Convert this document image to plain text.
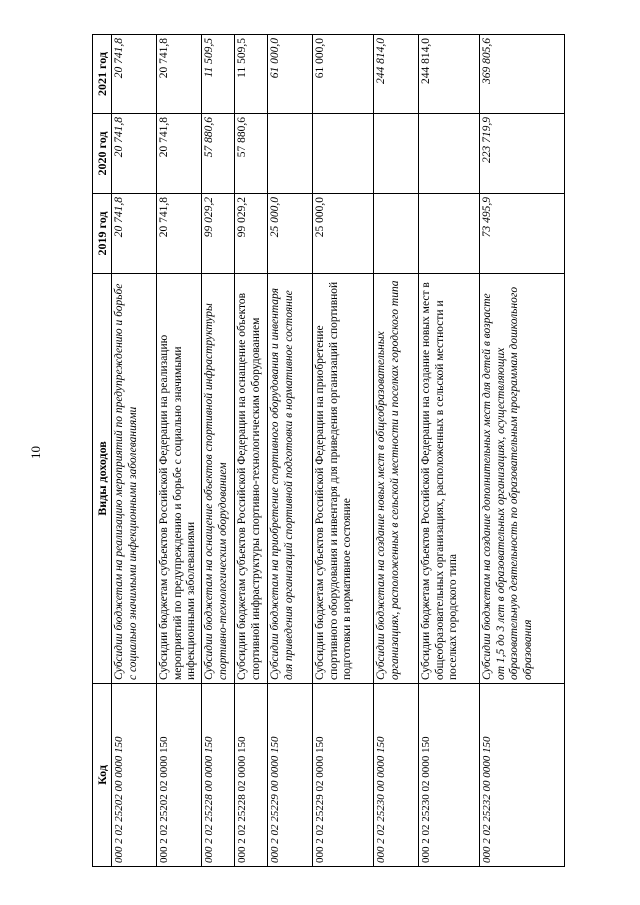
10
Код	Виды доходов	2019 год	2020 год	2021 год
000 2 02 25202 00 0000 150	Субсидии бюджетам на реализацию мероприятий по предупреждению и борьбе с социально значимыми инфекционными заболеваниями	20 741,8	20 741,8	20 741,8
000 2 02 25202 02 0000 150	Субсидии бюджетам субъектов Российской Федерации на реализацию мероприятий по предупреждению и борьбе с социально значимыми инфекционными заболеваниями	20 741,8	20 741,8	20 741,8
000 2 02 25228 00 0000 150	Субсидии бюджетам на оснащение объектов спортивной инфраструктуры спортивно-технологическим оборудованием	99 029,2	57 880,6	11 509,5
000 2 02 25228 02 0000 150	Субсидии бюджетам субъектов Российской Федерации на оснащение объектов спортивной инфраструктуры спортивно-технологическим оборудованием	99 029,2	57 880,6	11 509,5
000 2 02 25229 00 0000 150	Субсидии бюджетам на приобретение спортивного оборудования и инвентаря для приведения организаций спортивной подготовки в нормативное состояние	25 000,0		61 000,0
000 2 02 25229 02 0000 150	Субсидии бюджетам субъектов Российской Федерации на приобретение спортивного оборудования и инвентаря для приведения организаций спортивной подготовки в нормативное состояние	25 000,0		61 000,0
000 2 02 25230 00 0000 150	Субсидии бюджетам на создание новых мест в общеобразовательных организациях, расположенных в сельской местности и поселках городского типа			244 814,0
000 2 02 25230 02 0000 150	Субсидии бюджетам субъектов Российской Федерации на создание новых мест в общеобразовательных организациях, расположенных в сельской местности и поселках городского типа			244 814,0
000 2 02 25232 00 0000 150	Субсидии бюджетам на создание дополнительных мест для детей в возрасте от 1,5 до 3 лет в образовательных организациях, осуществляющих образовательную деятельность по образовательным программам дошкольного образования	73 495,9	223 719,9	369 805,6
